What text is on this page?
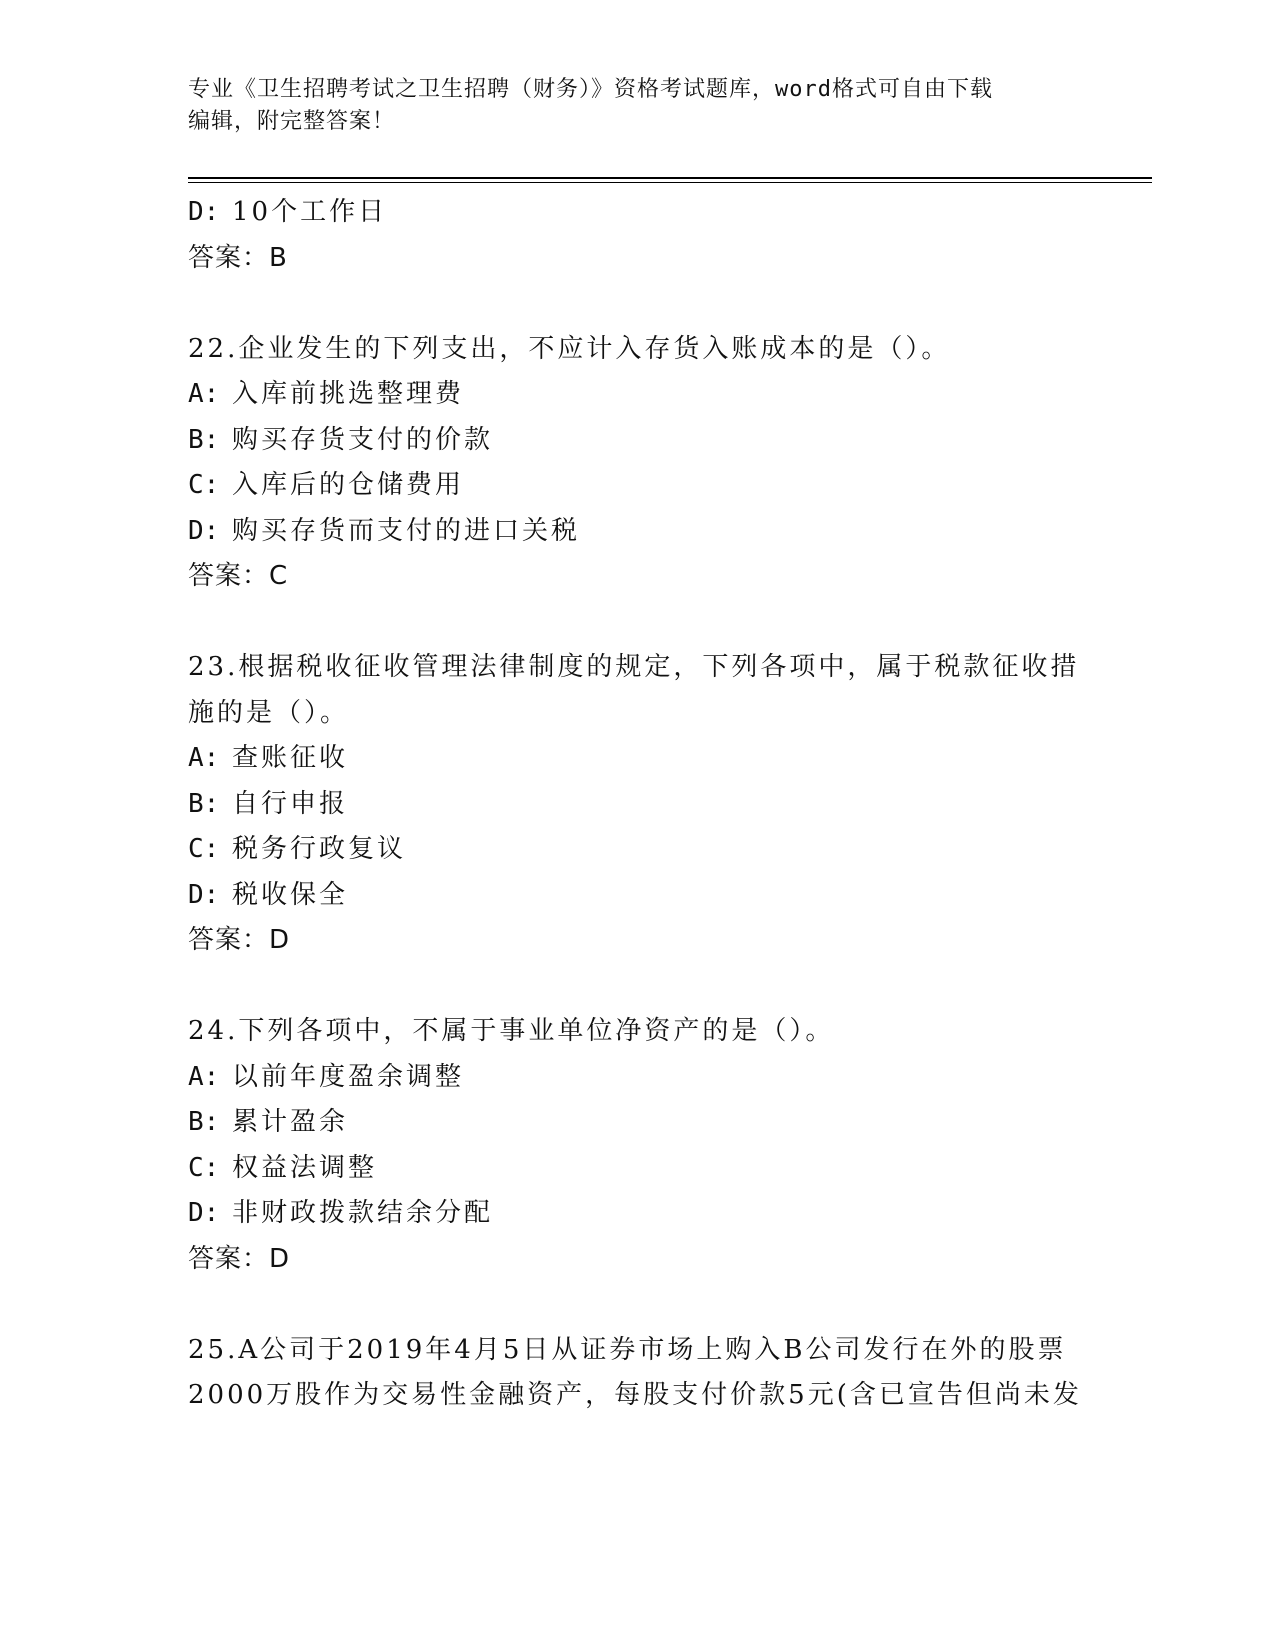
专业《卫生招聘考试之卫生招聘（财务）》资格考试题库，word格式可自由下载
编辑，附完整答案！
D: 10个工作日
答案：B
22.企业发生的下列支出，不应计入存货入账成本的是（）。
A: 入库前挑选整理费
B: 购买存货支付的价款
C: 入库后的仓储费用
D: 购买存货而支付的进口关税
答案：C
23.根据税收征收管理法律制度的规定，下列各项中，属于税款征收措
施的是（）。
A: 查账征收
B: 自行申报
C: 税务行政复议
D: 税收保全
答案：D
24.下列各项中，不属于事业单位净资产的是（）。
A: 以前年度盈余调整
B: 累计盈余
C: 权益法调整
D: 非财政拨款结余分配
答案：D
25.A公司于2019年4月5日从证券市场上购入B公司发行在外的股票
2000万股作为交易性金融资产，每股支付价款5元(含已宣告但尚未发
